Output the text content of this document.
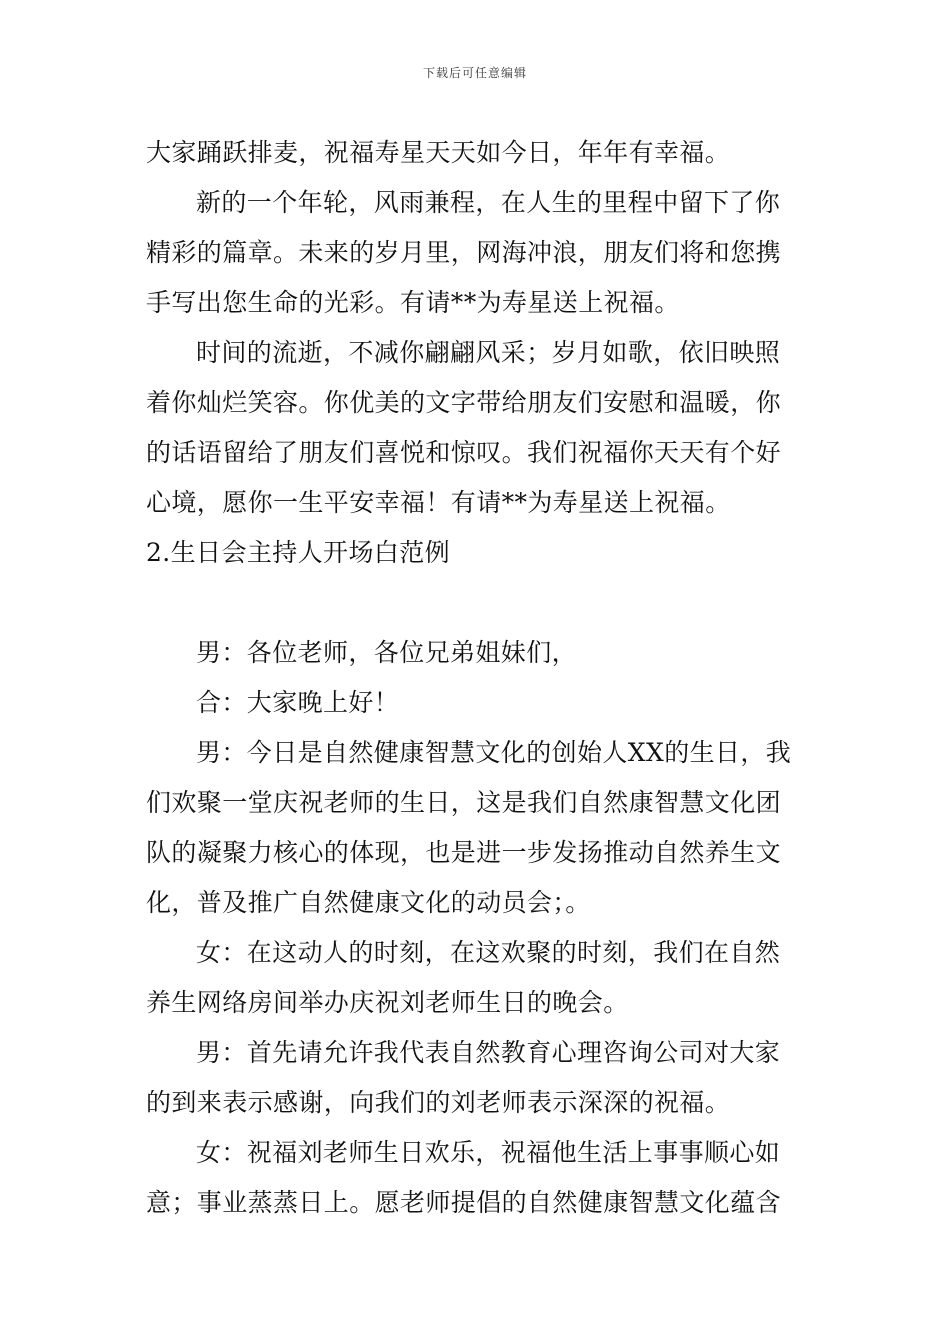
下载后可任意编辑
大家踊跃排麦，祝福寿星天天如今日，年年有幸福。
新的一个年轮，风雨兼程，在人生的里程中留下了你
精彩的篇章。未来的岁月里，网海冲浪，朋友们将和您携
手写出您生命的光彩。有请**为寿星送上祝福。
时间的流逝，不减你翩翩风采；岁月如歌，依旧映照
着你灿烂笑容。你优美的文字带给朋友们安慰和温暖，你
的话语留给了朋友们喜悦和惊叹。我们祝福你天天有个好
心境，愿你一生平安幸福！有请**为寿星送上祝福。
2.生日会主持人开场白范例
男：各位老师，各位兄弟姐妹们，
合：大家晚上好！
男：今日是自然健康智慧文化的创始人XX的生日，我
们欢聚一堂庆祝老师的生日，这是我们自然康智慧文化团
队的凝聚力核心的体现，也是进一步发扬推动自然养生文
化，普及推广自然健康文化的动员会；。
女：在这动人的时刻，在这欢聚的时刻，我们在自然
养生网络房间举办庆祝刘老师生日的晚会。
男：首先请允许我代表自然教育心理咨询公司对大家
的到来表示感谢，向我们的刘老师表示深深的祝福。
女：祝福刘老师生日欢乐，祝福他生活上事事顺心如
意；事业蒸蒸日上。愿老师提倡的自然健康智慧文化蕴含
